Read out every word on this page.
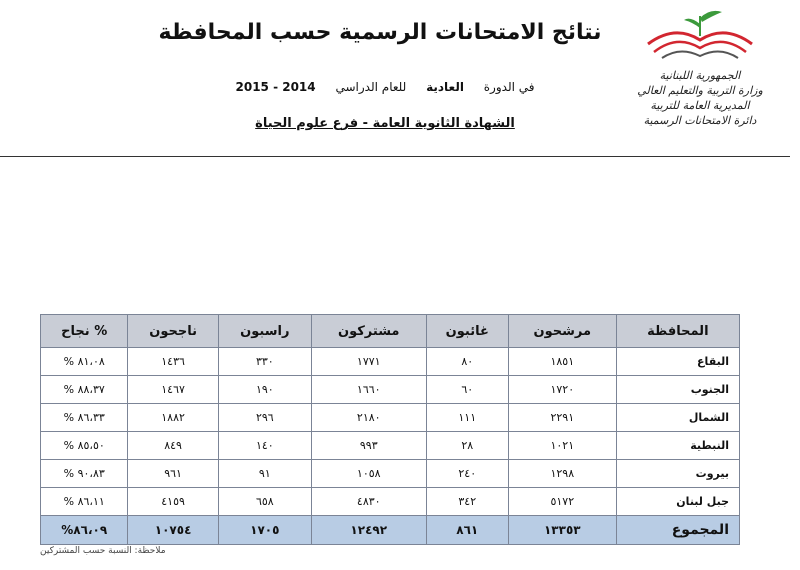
الجمهورية اللبنانية
وزارة التربية والتعليم العالي
المديرية العامة للتربية
دائرة الامتحانات الرسمية
نتائج الامتحانات الرسمية حسب المحافظة
في الدورة العادية للعام الدراسي 2015 - 2014
الشهادة الثانوية العامة - فرع علوم الحياة
المحافظة	مرشحون	غائبون	مشتركون	راسبون	ناجحون	% نجاح
البقاع	١٨٥١	٨٠	١٧٧١	٣٣٠	١٤٣٦	٨١،٠٨ %
الجنوب	١٧٢٠	٦٠	١٦٦٠	١٩٠	١٤٦٧	٨٨،٣٧ %
الشمال	٢٢٩١	١١١	٢١٨٠	٢٩٦	١٨٨٢	٨٦،٣٣ %
النبطية	١٠٢١	٢٨	٩٩٣	١٤٠	٨٤٩	٨٥،٥٠ %
بيروت	١٢٩٨	٢٤٠	١٠٥٨	٩١	٩٦١	٩٠،٨٣ %
جبل لبنان	٥١٧٢	٣٤٢	٤٨٣٠	٦٥٨	٤١٥٩	٨٦،١١ %
المجموع	١٣٣٥٣	٨٦١	١٢٤٩٢	١٧٠٥	١٠٧٥٤	٨٦،٠٩%
ملاحظة: النسبة حسب المشتركين
